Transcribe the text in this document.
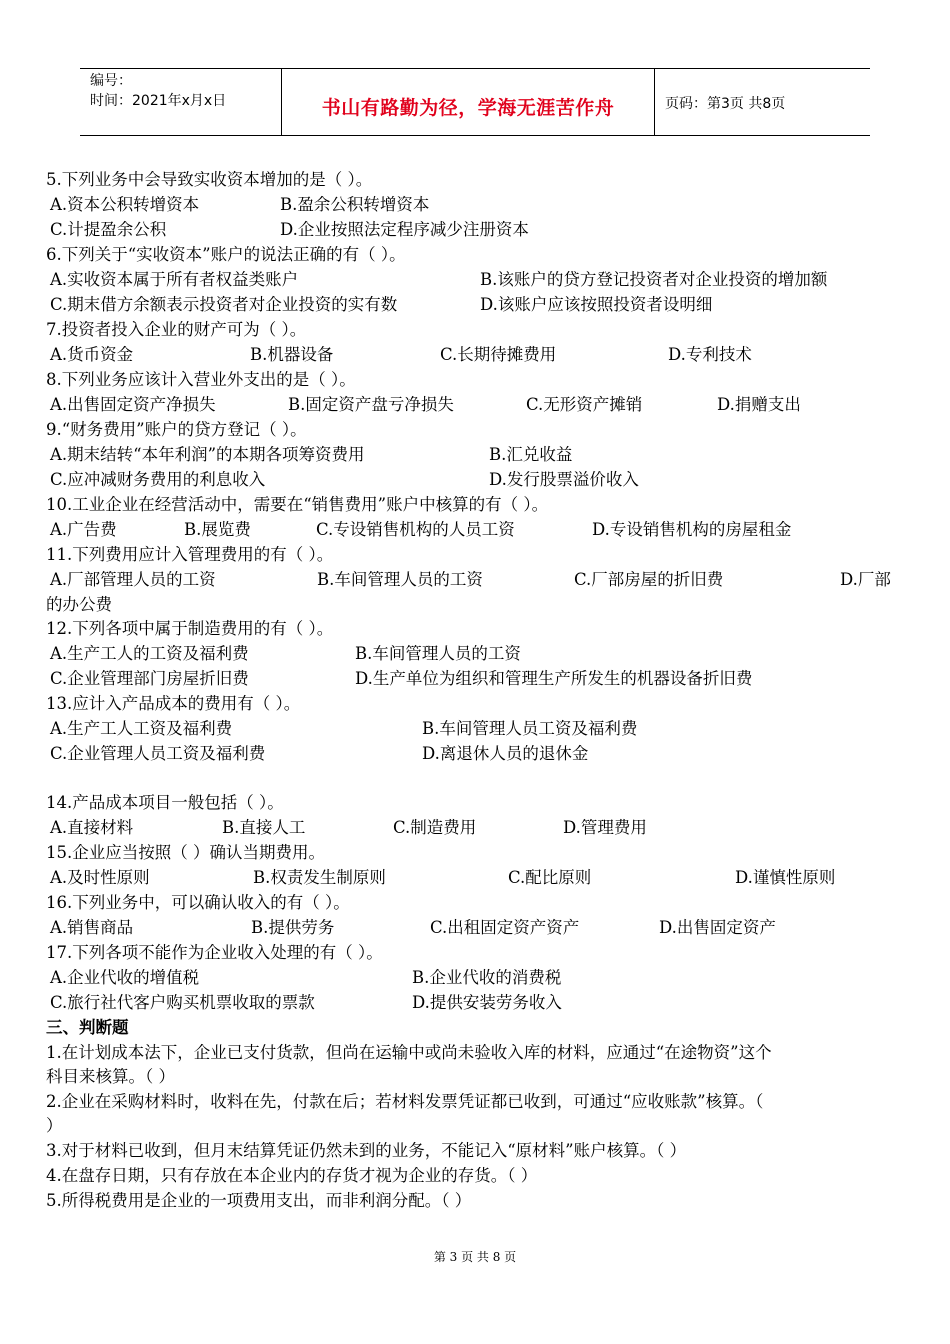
编号：
时间：2021年x月x日	书山有路勤为径，学海无涯苦作舟	页码：第3页 共8页
5.下列业务中会导致实收资本增加的是（ ）。
A.资本公积转增资本	B.盈余公积转增资本
C.计提盈余公积	D.企业按照法定程序减少注册资本
6.下列关于“实收资本”账户的说法正确的有（ ）。
A.实收资本属于所有者权益类账户	B.该账户的贷方登记投资者对企业投资的增加额
C.期末借方余额表示投资者对企业投资的实有数	D.该账户应该按照投资者设明细
7.投资者投入企业的财产可为（ ）。
A.货币资金	B.机器设备	C.长期待摊费用	D.专利技术
8.下列业务应该计入营业外支出的是（ ）。
A.出售固定资产净损失	B.固定资产盘亏净损失	C.无形资产摊销	D.捐赠支出
9.“财务费用”账户的贷方登记（ ）。
A.期末结转“本年利润”的本期各项筹资费用	B.汇兑收益
C.应冲减财务费用的利息收入	D.发行股票溢价收入
10.工业企业在经营活动中，需要在“销售费用”账户中核算的有（ ）。
A.广告费	B.展览费	C.专设销售机构的人员工资	D.专设销售机构的房屋租金
11.下列费用应计入管理费用的有（ ）。
A.厂部管理人员的工资	B.车间管理人员的工资	C.厂部房屋的折旧费	D.厂部
的办公费
12.下列各项中属于制造费用的有（ ）。
A.生产工人的工资及福利费	B.车间管理人员的工资
C.企业管理部门房屋折旧费	D.生产单位为组织和管理生产所发生的机器设备折旧费
13.应计入产品成本的费用有（ ）。
A.生产工人工资及福利费	B.车间管理人员工资及福利费
C.企业管理人员工资及福利费	D.离退休人员的退休金
14.产品成本项目一般包括（ ）。
A.直接材料	B.直接人工	C.制造费用	D.管理费用
15.企业应当按照（ ）确认当期费用。
A.及时性原则	B.权责发生制原则	C.配比原则	D.谨慎性原则
16.下列业务中，可以确认收入的有（ ）。
A.销售商品	B.提供劳务	C.出租固定资产资产	D.出售固定资产
17.下列各项不能作为企业收入处理的有（ ）。
A.企业代收的增值税	B.企业代收的消费税
C.旅行社代客户购买机票收取的票款	D.提供安装劳务收入
三、判断题
1.在计划成本法下，企业已支付货款，但尚在运输中或尚未验收入库的材料，应通过“在途物资”这个
科目来核算。（ ）
2.企业在采购材料时，收料在先，付款在后；若材料发票凭证都已收到，可通过“应收账款”核算。（
）
3.对于材料已收到，但月末结算凭证仍然未到的业务，不能记入“原材料”账户核算。（ ）
4.在盘存日期，只有存放在本企业内的存货才视为企业的存货。（ ）
5.所得税费用是企业的一项费用支出，而非利润分配。（ ）
第 3 页 共 8 页
